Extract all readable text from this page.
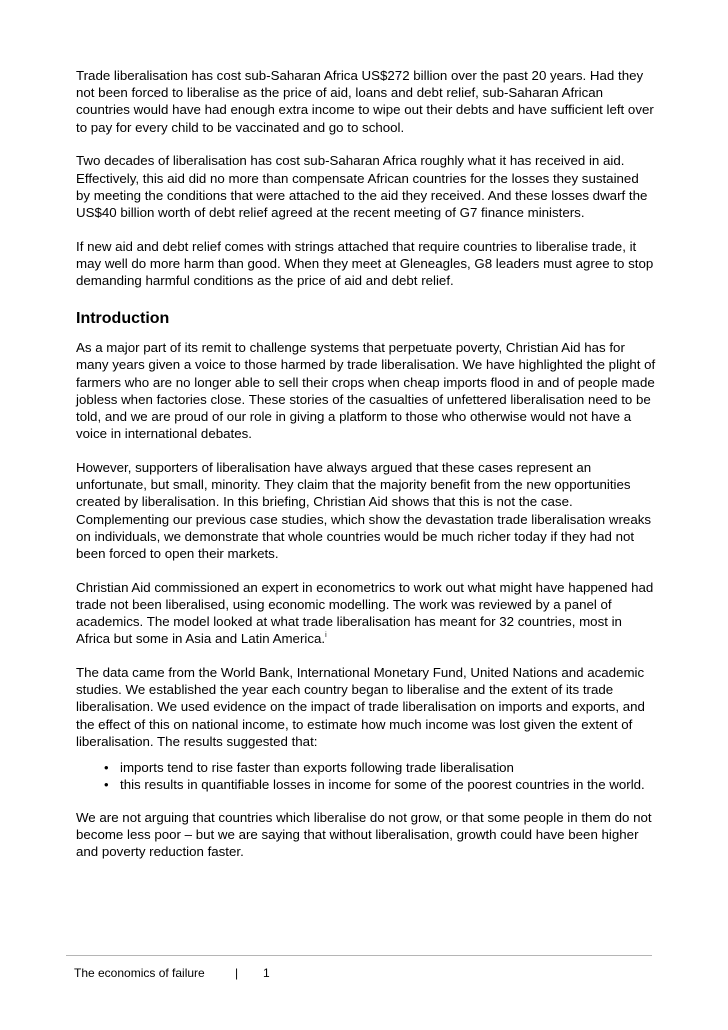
Trade liberalisation has cost sub-Saharan Africa US$272 billion over the past 20 years. Had they not been forced to liberalise as the price of aid, loans and debt relief, sub-Saharan African countries would have had enough extra income to wipe out their debts and have sufficient left over to pay for every child to be vaccinated and go to school.

Two decades of liberalisation has cost sub-Saharan Africa roughly what it has received in aid. Effectively, this aid did no more than compensate African countries for the losses they sustained by meeting the conditions that were attached to the aid they received. And these losses dwarf the US$40 billion worth of debt relief agreed at the recent meeting of G7 finance ministers.

If new aid and debt relief comes with strings attached that require countries to liberalise trade, it may well do more harm than good. When they meet at Gleneagles, G8 leaders must agree to stop demanding harmful conditions as the price of aid and debt relief.

Introduction

As a major part of its remit to challenge systems that perpetuate poverty, Christian Aid has for many years given a voice to those harmed by trade liberalisation. We have highlighted the plight of farmers who are no longer able to sell their crops when cheap imports flood in and of people made jobless when factories close. These stories of the casualties of unfettered liberalisation need to be told, and we are proud of our role in giving a platform to those who otherwise would not have a voice in international debates.

However, supporters of liberalisation have always argued that these cases represent an unfortunate, but small, minority. They claim that the majority benefit from the new opportunities created by liberalisation. In this briefing, Christian Aid shows that this is not the case. Complementing our previous case studies, which show the devastation trade liberalisation wreaks on individuals, we demonstrate that whole countries would be much richer today if they had not been forced to open their markets.

Christian Aid commissioned an expert in econometrics to work out what might have happened had trade not been liberalised, using economic modelling. The work was reviewed by a panel of academics. The model looked at what trade liberalisation has meant for 32 countries, most in Africa but some in Asia and Latin America.$^i$

The data came from the World Bank, International Monetary Fund, United Nations and academic studies. We established the year each country began to liberalise and the extent of its trade liberalisation. We used evidence on the impact of trade liberalisation on imports and exports, and the effect of this on national income, to estimate how much income was lost given the extent of liberalisation. The results suggested that:

• imports tend to rise faster than exports following trade liberalisation
• this results in quantifiable losses in income for some of the poorest countries in the world.

We are not arguing that countries which liberalise do not grow, or that some people in them do not become less poor – but we are saying that without liberalisation, growth could have been higher and poverty reduction faster.

The economics of failure	| 1
